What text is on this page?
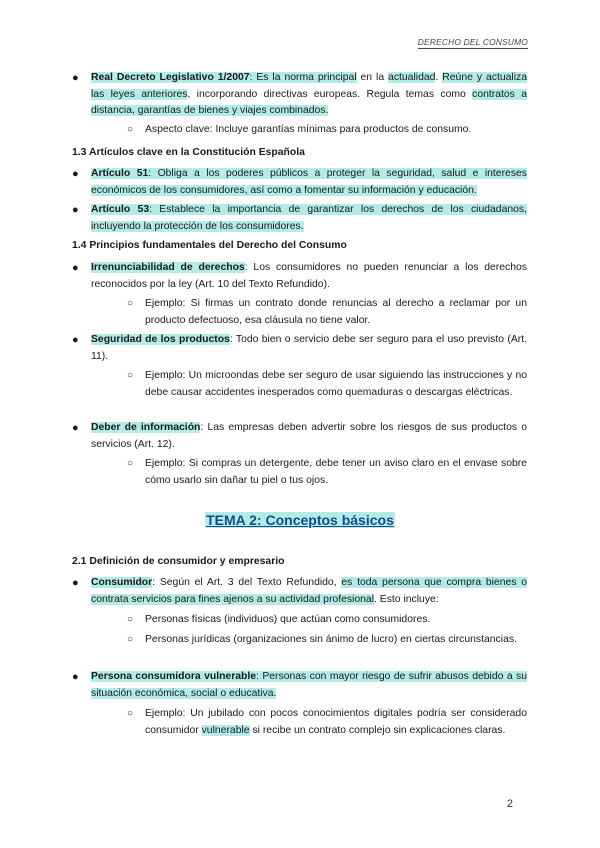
DERECHO DEL CONSUMO
● Real Decreto Legislativo 1/2007: Es la norma principal en la actualidad. Reúne y actualiza las leyes anteriores, incorporando directivas europeas. Regula temas como contratos a distancia, garantías de bienes y viajes combinados.
○ Aspecto clave: Incluye garantías mínimas para productos de consumo.
1.3 Artículos clave en la Constitución Española
● Artículo 51: Obliga a los poderes públicos a proteger la seguridad, salud e intereses económicos de los consumidores, así como a fomentar su información y educación.
● Artículo 53: Establece la importancia de garantizar los derechos de los ciudadanos, incluyendo la protección de los consumidores.
1.4 Principios fundamentales del Derecho del Consumo
● Irrenunciabilidad de derechos: Los consumidores no pueden renunciar a los derechos reconocidos por la ley (Art. 10 del Texto Refundido).
○ Ejemplo: Si firmas un contrato donde renuncias al derecho a reclamar por un producto defectuoso, esa cláusula no tiene valor.
● Seguridad de los productos: Todo bien o servicio debe ser seguro para el uso previsto (Art. 11).
○ Ejemplo: Un microondas debe ser seguro de usar siguiendo las instrucciones y no debe causar accidentes inesperados como quemaduras o descargas eléctricas.
● Deber de información: Las empresas deben advertir sobre los riesgos de sus productos o servicios (Art. 12).
○ Ejemplo: Si compras un detergente, debe tener un aviso claro en el envase sobre cómo usarlo sin dañar tu piel o tus ojos.
TEMA 2: Conceptos básicos
2.1 Definición de consumidor y empresario
● Consumidor: Según el Art. 3 del Texto Refundido, es toda persona que compra bienes o contrata servicios para fines ajenos a su actividad profesional. Esto incluye:
○ Personas físicas (individuos) que actúan como consumidores.
○ Personas jurídicas (organizaciones sin ánimo de lucro) en ciertas circunstancias.
● Persona consumidora vulnerable: Personas con mayor riesgo de sufrir abusos debido a su situación económica, social o educativa.
○ Ejemplo: Un jubilado con pocos conocimientos digitales podría ser considerado consumidor vulnerable si recibe un contrato complejo sin explicaciones claras.
2
